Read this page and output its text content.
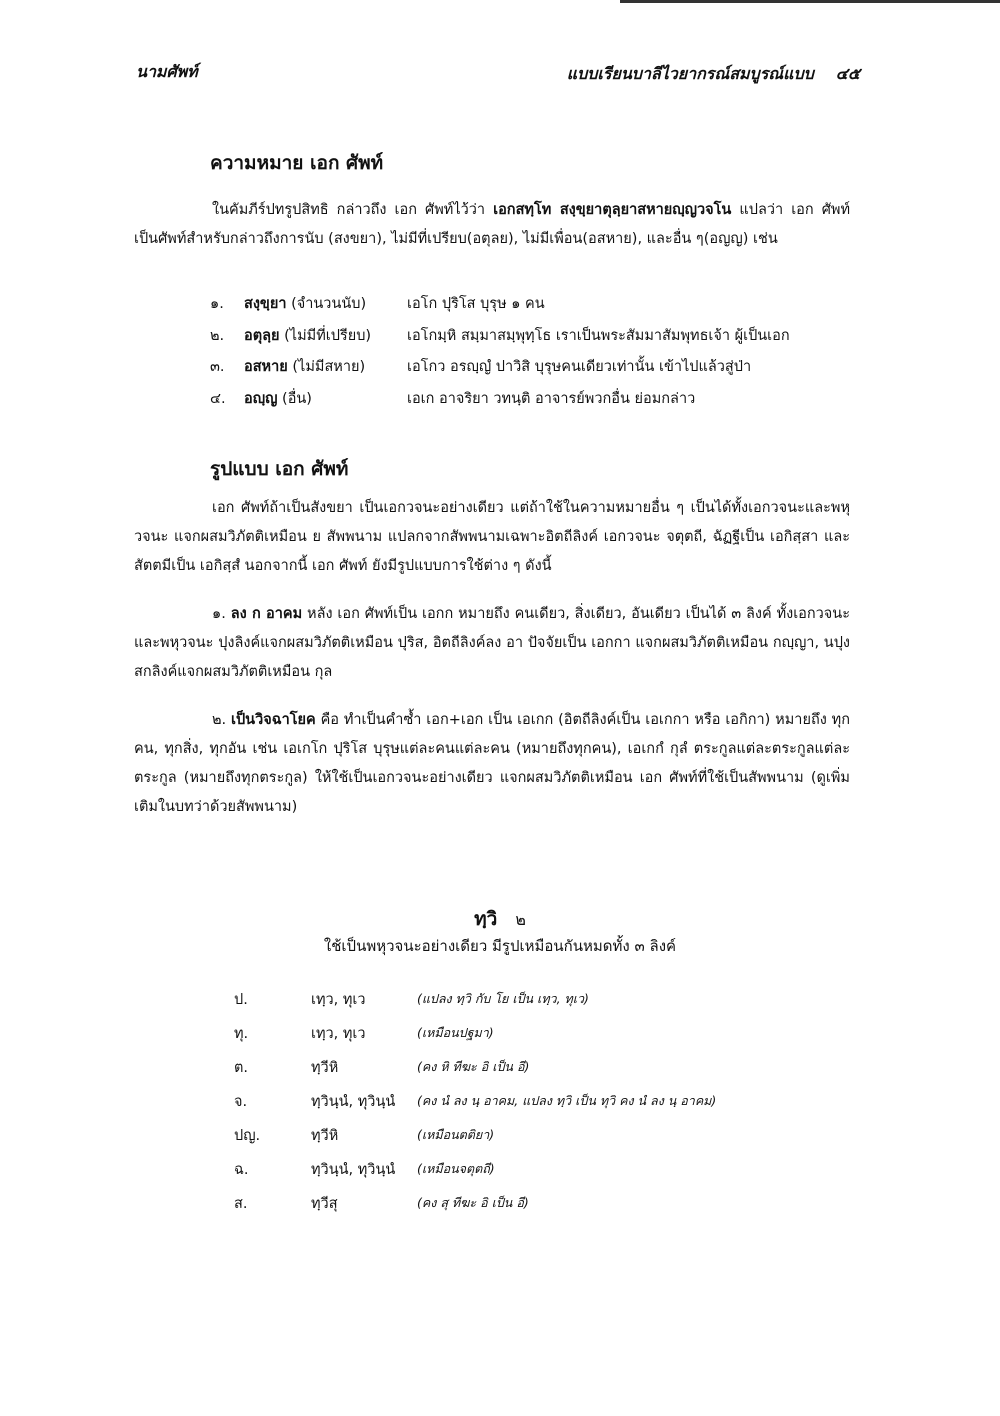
นามศัพท์	แบบเรียนบาลีไวยากรณ์สมบูรณ์แบบ ๔๕
ความหมาย เอก ศัพท์
ในคัมภีร์ปทรูปสิทธิ กล่าวถึง เอก ศัพท์ไว้ว่า เอกสทฺโท สงฺขฺยาตุลฺยาสหายญฺญวจโน แปลว่า เอก ศัพท์ เป็นศัพท์สำหรับกล่าวถึงการนับ (สงขยา), ไม่มีที่เปรียบ(อตุลย), ไม่มีเพื่อน(อสหาย), และอื่น ๆ(อญญ) เช่น
๑.	สงฺขฺยา (จำนวนนับ)	เอโก ปุริโส บุรุษ ๑ คน
๒.	อตุลฺย (ไม่มีที่เปรียบ)	เอโกมฺหิ สมฺมาสมฺพุทฺโธ เราเป็นพระสัมมาสัมพุทธเจ้า ผู้เป็นเอก
๓.	อสหาย (ไม่มีสหาย)	เอโกว อรญฺญํ ปาวิสิ บุรุษคนเดียวเท่านั้น เข้าไปแล้วสู่ป่า
๔.	อญฺญ (อื่น)	เอเก อาจริยา วทนฺติ อาจารย์พวกอื่น ย่อมกล่าว
รูปแบบ เอก ศัพท์
เอก ศัพท์ถ้าเป็นสังขยา เป็นเอกวจนะอย่างเดียว แต่ถ้าใช้ในความหมายอื่น ๆ เป็นได้ทั้งเอกวจนะและพหุวจนะ แจกผสมวิภัตติเหมือน ย สัพพนาม แปลกจากสัพพนามเฉพาะอิตถีลิงค์ เอกวจนะ จตุตถี, ฉัฏฐีเป็น เอกิสฺสา และสัตตมีเป็น เอกิสฺสํ นอกจากนี้ เอก ศัพท์ ยังมีรูปแบบการใช้ต่าง ๆ ดังนี้
๑. ลง ก อาคม หลัง เอก ศัพท์เป็น เอกก หมายถึง คนเดียว, สิ่งเดียว, อันเดียว เป็นได้ ๓ ลิงค์ ทั้งเอกวจนะและพหุวจนะ ปุงลิงค์แจกผสมวิภัตติเหมือน ปุริส, อิตถีลิงค์ลง อา ปัจจัยเป็น เอกกา แจกผสมวิภัตติเหมือน กญฺญา, นปุงสกลิงค์แจกผสมวิภัตติเหมือน กุล
๒. เป็นวิจฉาโยค คือ ทำเป็นคำซ้ำ เอก+เอก เป็น เอเกก (อิตถีลิงค์เป็น เอเกกา หรือ เอกิกา) หมายถึง ทุกคน, ทุกสิ่ง, ทุกอัน เช่น เอเกโก ปุริโส บุรุษแต่ละคนแต่ละคน (หมายถึงทุกคน), เอเกกํ กุลํ ตระกูลแต่ละตระกูลแต่ละตระกูล (หมายถึงทุกตระกูล) ให้ใช้เป็นเอกวจนะอย่างเดียว แจกผสมวิภัตติเหมือน เอก ศัพท์ที่ใช้เป็นสัพพนาม (ดูเพิ่มเติมในบทว่าด้วยสัพพนาม)
ทฺวิ ๒
ใช้เป็นพหุวจนะอย่างเดียว มีรูปเหมือนกันหมดทั้ง ๓ ลิงค์
ป.	เทฺว, ทุเว	(แปลง ทฺวิ กับ โย เป็น เทฺว, ทุเว)
ทุ.	เทฺว, ทุเว	(เหมือนปฐมา)
ต.	ทฺวีหิ	(คง หิ ทีฆะ อิ เป็น อี)
จ.	ทฺวินฺนํ, ทุวินฺนํ	(คง นํ ลง นฺ อาคม, แปลง ทฺวิ เป็น ทุวิ คง นํ ลง นฺ อาคม)
ปญ.	ทฺวีหิ	(เหมือนตติยา)
ฉ.	ทฺวินฺนํ, ทุวินฺนํ	(เหมือนจตุตถี)
ส.	ทฺวีสุ	(คง สุ ทีฆะ อิ เป็น อี)
